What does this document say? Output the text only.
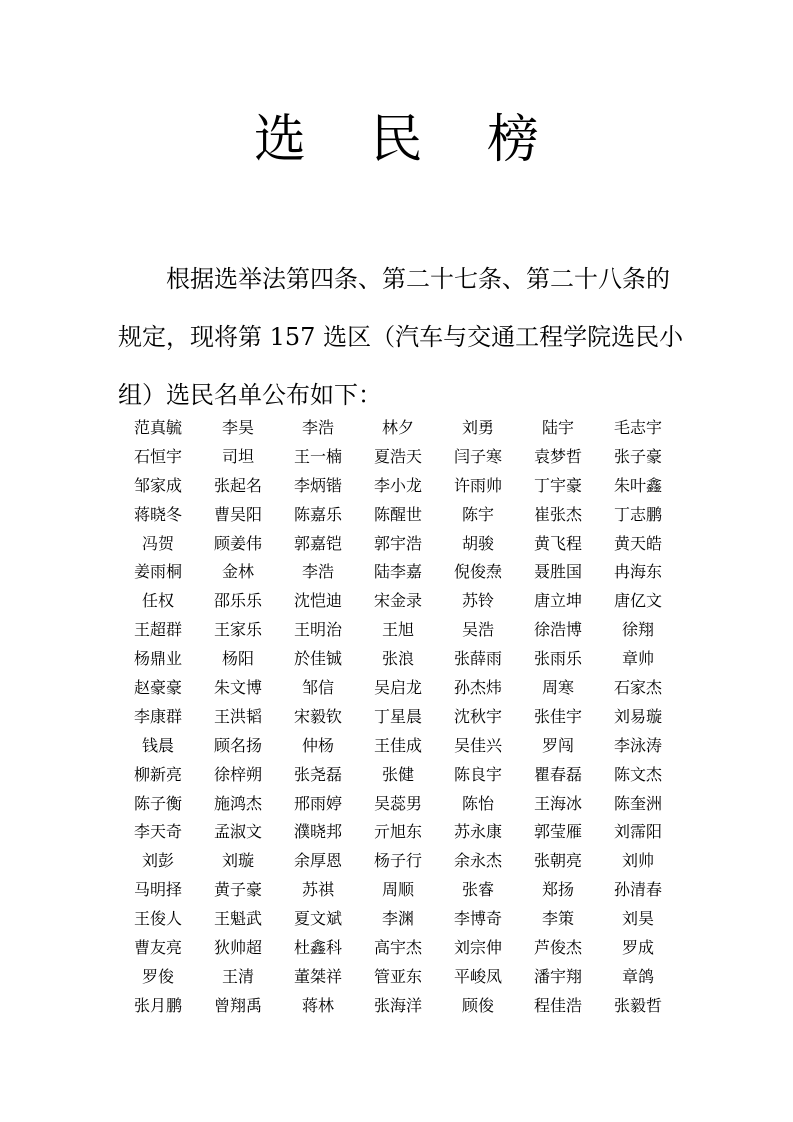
选 民 榜

根据选举法第四条、第二十七条、第二十八条的规定，现将第 157 选区（汽车与交通工程学院选民小组）选民名单公布如下：

范真毓	李昊	李浩	林夕	刘勇	陆宇	毛志宇
石恒宇	司坦	王一楠	夏浩天	闫子寒	袁梦哲	张子豪
邹家成	张起名	李炳锴	李小龙	许雨帅	丁宇豪	朱叶鑫
蒋晓冬	曹吴阳	陈嘉乐	陈醒世	陈宇	崔张杰	丁志鹏
冯贺	顾姜伟	郭嘉铠	郭宇浩	胡骏	黄飞程	黄天皓
姜雨桐	金林	李浩	陆李嘉	倪俊焘	聂胜国	冉海东
任权	邵乐乐	沈恺迪	宋金录	苏铃	唐立坤	唐亿文
王超群	王家乐	王明治	王旭	吴浩	徐浩博	徐翔
杨鼎业	杨阳	於佳铖	张浪	张薛雨	张雨乐	章帅
赵豪豪	朱文博	邹信	吴启龙	孙杰炜	周寒	石家杰
李康群	王洪韬	宋毅钦	丁星晨	沈秋宇	张佳宇	刘易璇
钱晨	顾名扬	仲杨	王佳成	吴佳兴	罗闯	李泳涛
柳新亮	徐梓朔	张尧磊	张健	陈良宇	瞿春磊	陈文杰
陈子衡	施鸿杰	邢雨婷	吴蕊男	陈怡	王海冰	陈奎洲
李天奇	孟淑文	濮晓邦	亓旭东	苏永康	郭莹雁	刘霈阳
刘彭	刘璇	余厚恩	杨子行	余永杰	张朝亮	刘帅
马明择	黄子豪	苏祺	周顺	张睿	郑扬	孙清春
王俊人	王魁武	夏文斌	李渊	李博奇	李策	刘昊
曹友亮	狄帅超	杜鑫科	高宇杰	刘宗伸	芦俊杰	罗成
罗俊	王清	董桀祥	管亚东	平峻凤	潘宇翔	章鸽
张月鹏	曾翔禹	蒋林	张海洋	顾俊	程佳浩	张毅哲
